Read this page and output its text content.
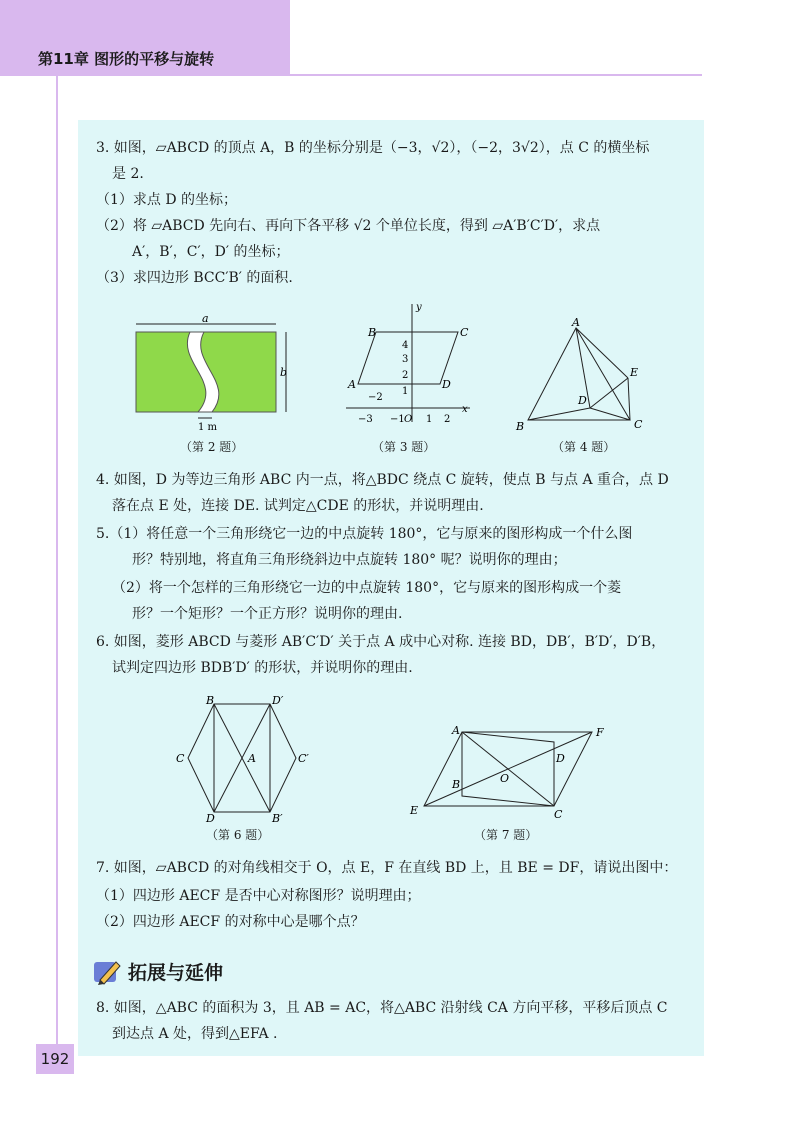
第11章 图形的平移与旋转
3. 如图，▱ABCD 的顶点 A，B 的坐标分别是（−3，√2），（−2，3√2），点 C 的横坐标
是 2.
（1）求点 D 的坐标；
（2）将 ▱ABCD 先向右、再向下各平移 √2 个单位长度，得到 ▱A′B′C′D′，求点
A′，B′，C′，D′ 的坐标；
（3）求四边形 BCC′B′ 的面积.
a
b
1 m
（第 2 题）
x
y
B	C
A	D
4
3
2
1
−2
−3 −1 O 1 2
（第 3 题）
A
B	C
D
E
（第 4 题）
4. 如图，D 为等边三角形 ABC 内一点，将△BDC 绕点 C 旋转，使点 B 与点 A 重合，点 D
落在点 E 处，连接 DE. 试判定△CDE 的形状，并说明理由.
5.（1）将任意一个三角形绕它一边的中点旋转 180°，它与原来的图形构成一个什么图
形？特别地，将直角三角形绕斜边中点旋转 180° 呢？说明你的理由；
（2）将一个怎样的三角形绕它一边的中点旋转 180°，它与原来的图形构成一个菱
形？一个矩形？一个正方形？说明你的理由.
6. 如图，菱形 ABCD 与菱形 AB′C′D′ 关于点 A 成中心对称. 连接 BD，DB′，B′D′，D′B，
试判定四边形 BDB′D′ 的形状，并说明你的理由.
B	D′
C	A	C′
D	B′
（第 6 题）
A	F
D
O
B
E	C
（第 7 题）
7. 如图，▱ABCD 的对角线相交于 O，点 E，F 在直线 BD 上，且 BE = DF，请说出图中：
（1）四边形 AECF 是否中心对称图形？说明理由；
（2）四边形 AECF 的对称中心是哪个点？
拓展与延伸
8. 如图，△ABC 的面积为 3，且 AB = AC，将△ABC 沿射线 CA 方向平移，平移后顶点 C
到达点 A 处，得到△EFA .
192
